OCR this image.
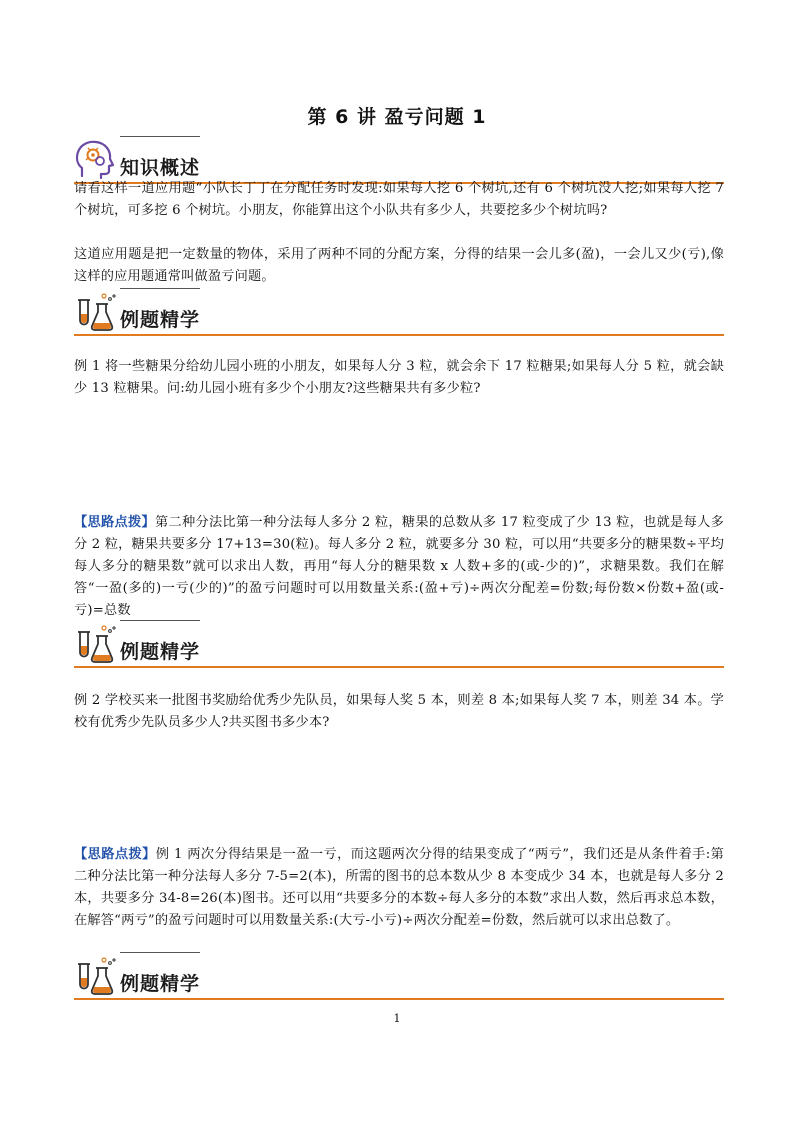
第 6 讲 盈亏问题 1
知识概述

请看这样一道应用题“小队长丁丁在分配任务时发现:如果每人挖 6 个树坑,还有 6 个树坑没人挖;如果每人挖 7 个树坑，可多挖 6 个树坑。小朋友，你能算出这个小队共有多少人，共要挖多少个树坑吗?

这道应用题是把一定数量的物体，采用了两种不同的分配方案，分得的结果一会儿多(盈)，一会儿又少(亏),像这样的应用题通常叫做盈亏问题。

例题精学

例 1 将一些糖果分给幼儿园小班的小朋友，如果每人分 3 粒，就会余下 17 粒糖果;如果每人分 5 粒，就会缺少 13 粒糖果。问:幼儿园小班有多少个小朋友?这些糖果共有多少粒?

【思路点拨】第二种分法比第一种分法每人多分 2 粒，糖果的总数从多 17 粒变成了少 13 粒，也就是每人多分 2 粒，糖果共要多分 17+13=30(粒)。每人多分 2 粒，就要多分 30 粒，可以用“共要多分的糖果数÷平均每人多分的糖果数”就可以求出人数，再用“每人分的糖果数 x 人数+多的(或-少的)”，求糖果数。我们在解答“一盈(多的)一亏(少的)”的盈亏问题时可以用数量关系:(盈+亏)÷两次分配差=份数;每份数×份数+盈(或-亏)=总数

例题精学

例 2 学校买来一批图书奖励给优秀少先队员，如果每人奖 5 本，则差 8 本;如果每人奖 7 本，则差 34 本。学校有优秀少先队员多少人?共买图书多少本?

【思路点拨】例 1 两次分得结果是一盈一亏，而这题两次分得的结果变成了“两亏”，我们还是从条件着手:第二种分法比第一种分法每人多分 7-5=2(本)，所需的图书的总本数从少 8 本变成少 34 本，也就是每人多分 2 本，共要多分 34-8=26(本)图书。还可以用“共要多分的本数÷每人多分的本数”求出人数，然后再求总本数，在解答“两亏”的盈亏问题时可以用数量关系:(大亏-小亏)÷两次分配差=份数，然后就可以求出总数了。

例题精学
1
